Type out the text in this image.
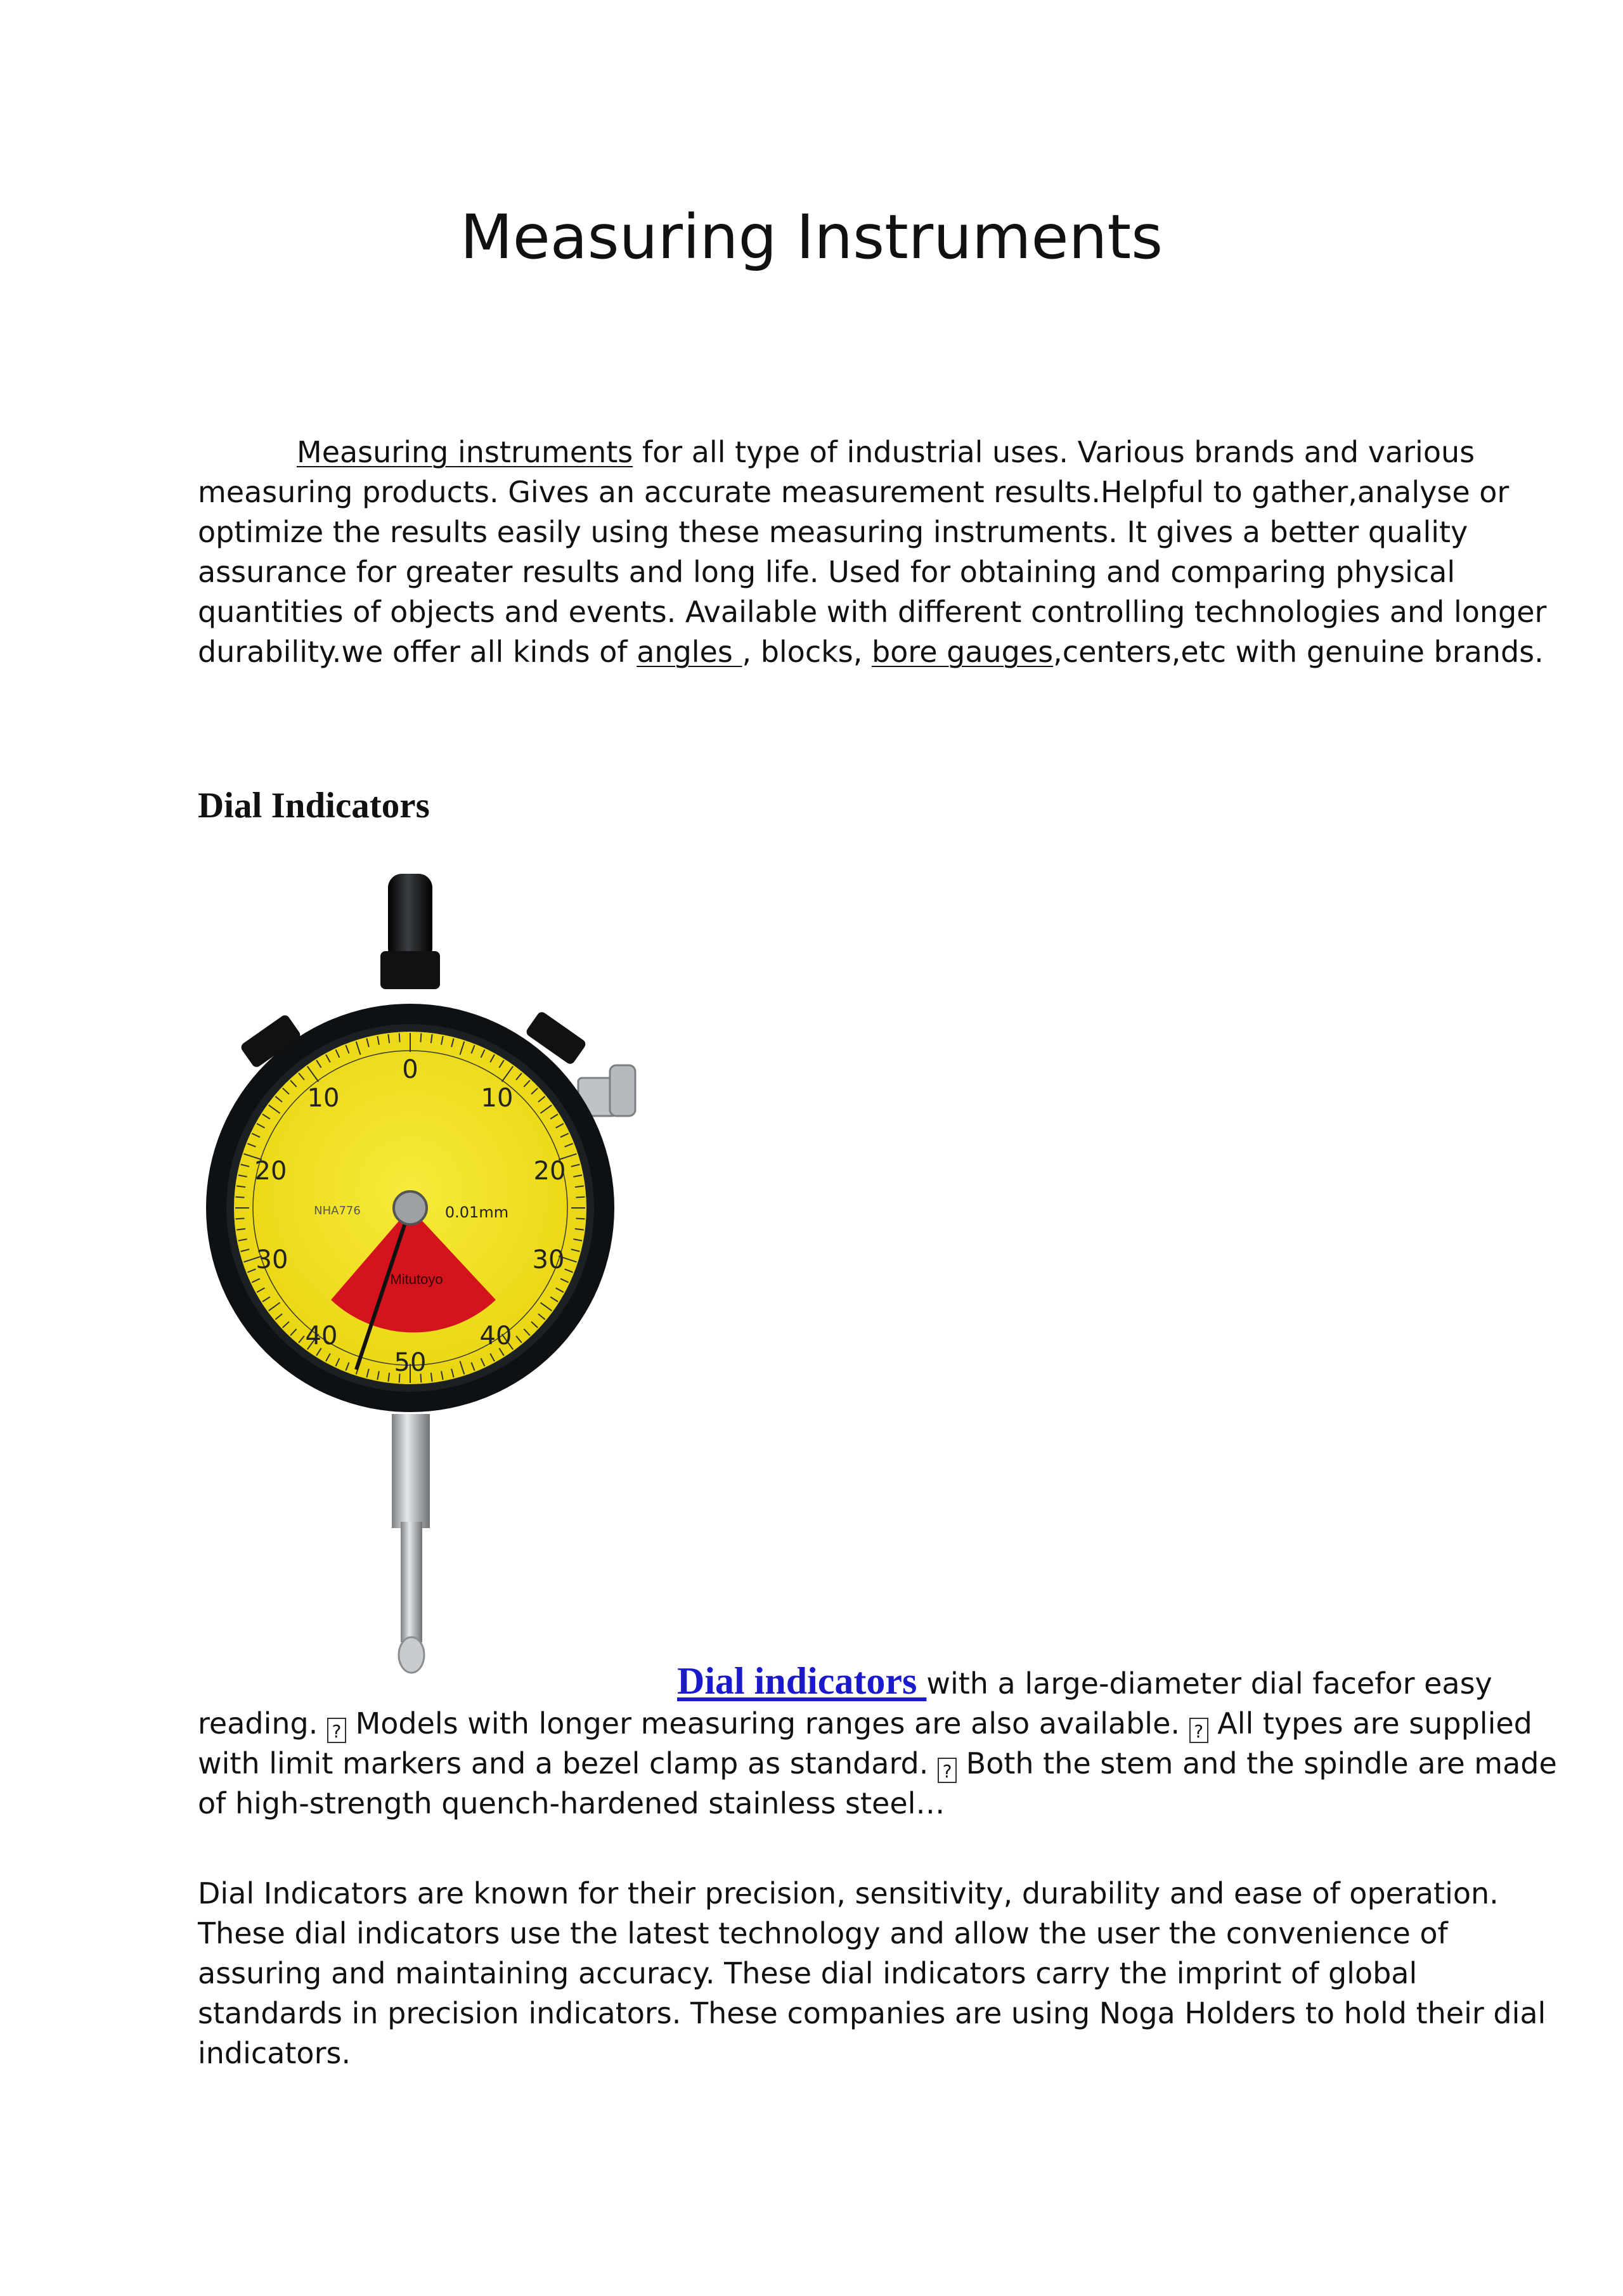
Measuring Instruments
Measuring instruments for all type of industrial uses. Various brands and various
measuring products. Gives an accurate measurement results.Helpful to gather,analyse or
optimize the results easily using these measuring instruments. It gives a better quality
assurance for greater results and long life. Used for obtaining and comparing physical
quantities of objects and events. Available with different controlling technologies and longer
durability.we offer all kinds of angles , blocks, bore gauges,centers,etc with genuine brands.
Dial Indicators
Mitutoyo
0
10	10
20	20
30	30
40	40
50
0.01mm
NHA776
Dial indicators with a large-diameter dial facefor easy
reading. ? Models with longer measuring ranges are also available. ? All types are supplied
with limit markers and a bezel clamp as standard. ? Both the stem and the spindle are made
of high-strength quench-hardened stainless steel…
Dial Indicators are known for their precision, sensitivity, durability and ease of operation.
These dial indicators use the latest technology and allow the user the convenience of
assuring and maintaining accuracy. These dial indicators carry the imprint of global
standards in precision indicators. These companies are using Noga Holders to hold their dial
indicators.
